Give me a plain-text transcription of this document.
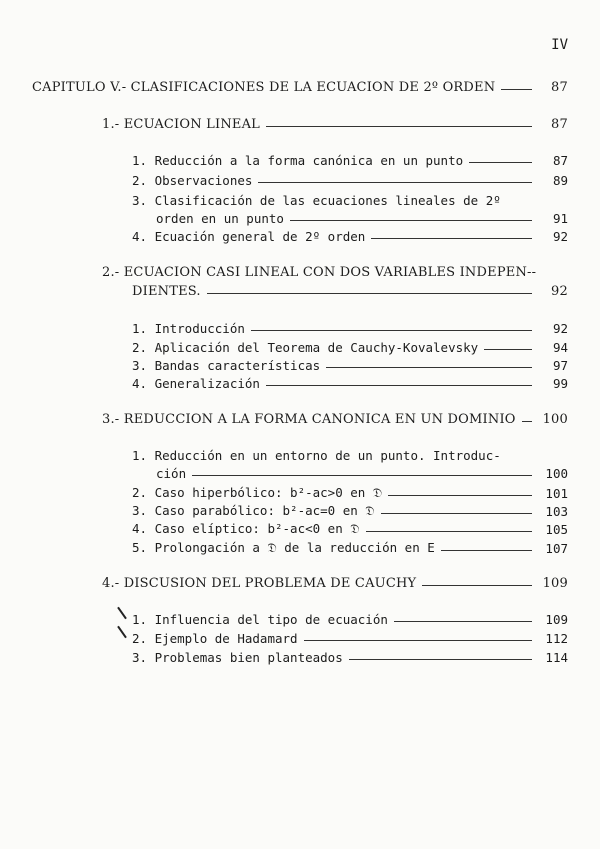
IV
CAPITULO V.- CLASIFICACIONES DE LA ECUACION DE 2º ORDEN	87
1.- ECUACION LINEAL	87
1. Reducción a la forma canónica en un punto	87
2. Observaciones	89
3. Clasificación de las ecuaciones lineales de 2º
orden en un punto	91
4. Ecuación general de 2º orden	92
2.- ECUACION CASI LINEAL CON DOS VARIABLES INDEPEN--
DIENTES.	92
1. Introducción	92
2. Aplicación del Teorema de Cauchy-Kovalevsky	94
3. Bandas características	97
4. Generalización	99
3.- REDUCCION A LA FORMA CANONICA EN UN DOMINIO	100
1. Reducción en un entorno de un punto. Introduc-
ción	100
2. Caso hiperbólico: b²-ac>0 en 𝔇	101
3. Caso parabólico: b²-ac=0 en 𝔇	103
4. Caso elíptico: b²-ac<0 en 𝔇	105
5. Prolongación a 𝔇 de la reducción en E	107
4.- DISCUSION DEL PROBLEMA DE CAUCHY	109
1. Influencia del tipo de ecuación	109
2. Ejemplo de Hadamard	112
3. Problemas bien planteados	114
